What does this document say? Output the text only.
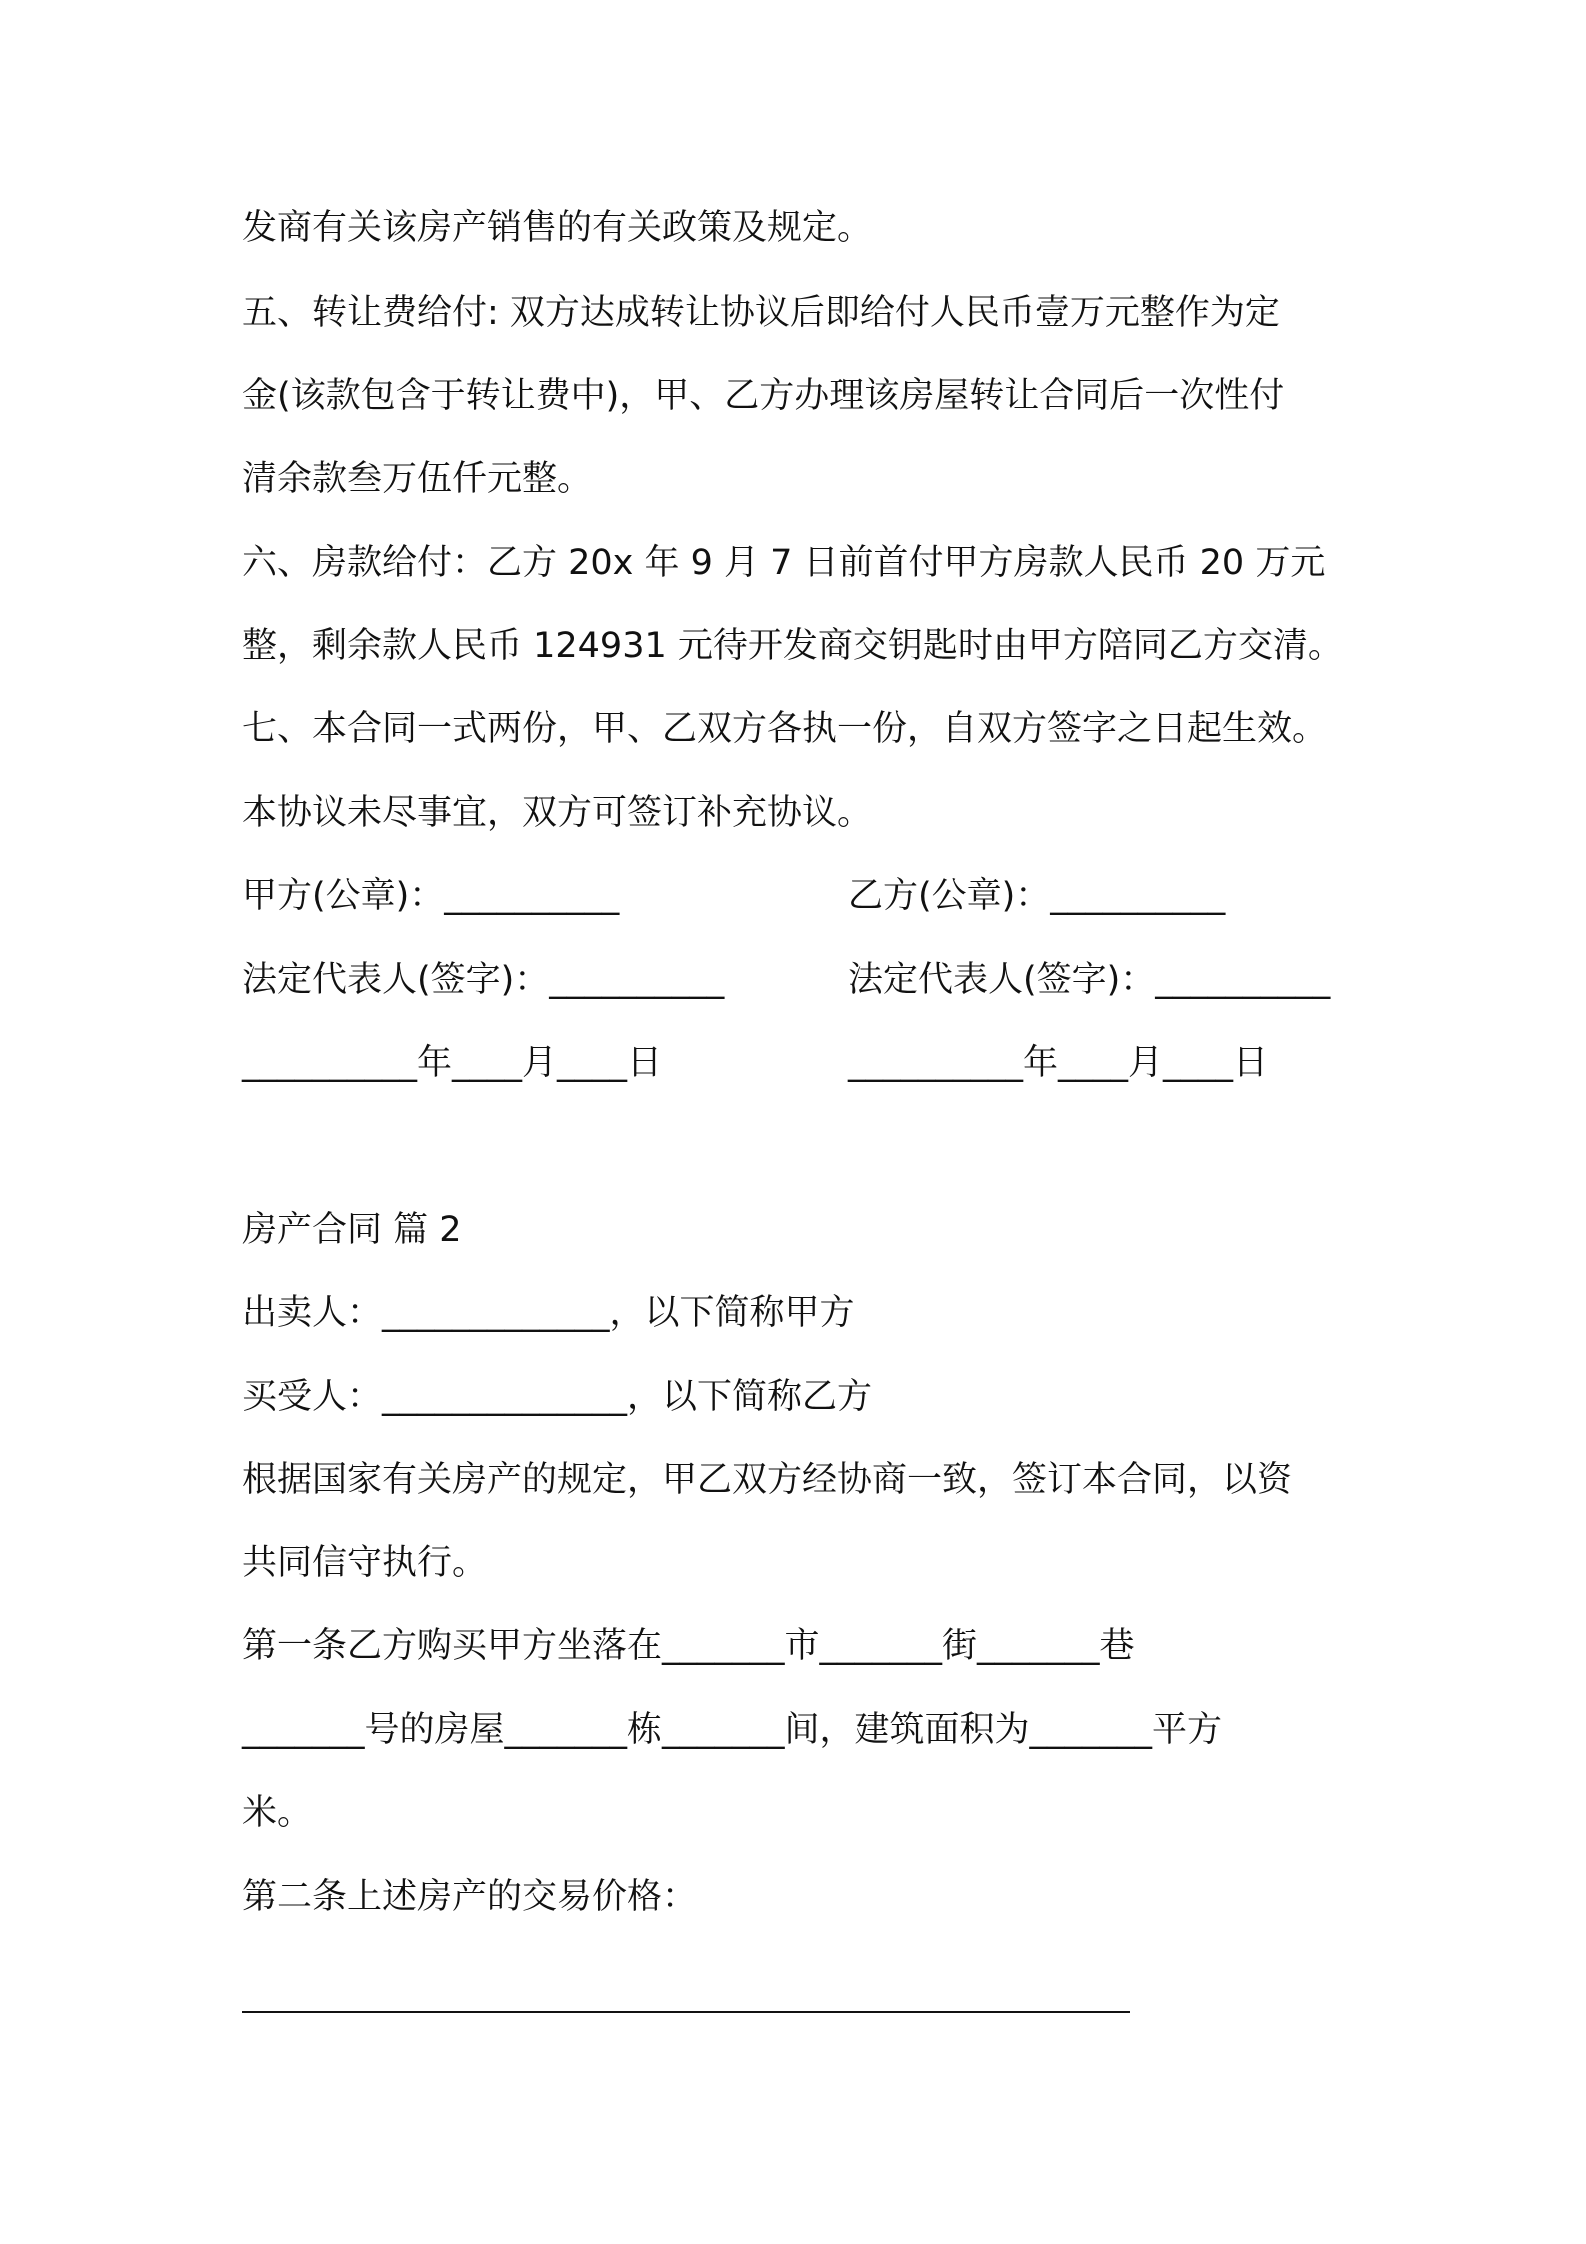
发商有关该房产销售的有关政策及规定。
五、转让费给付: 双方达成转让协议后即给付人民币壹万元整作为定
金(该款包含于转让费中)，甲、乙方办理该房屋转让合同后一次性付
清余款叁万伍仟元整。
六、房款给付：乙方 20x 年 9 月 7 日前首付甲方房款人民币 20 万元
整，剩余款人民币 124931 元待开发商交钥匙时由甲方陪同乙方交清。
七、本合同一式两份，甲、乙双方各执一份，自双方签字之日起生效。
本协议未尽事宜，双方可签订补充协议。
甲方(公章)：__________	乙方(公章)：__________
法定代表人(签字)：__________	法定代表人(签字)：__________
__________年____月____日	__________年____月____日
房产合同 篇 2
出卖人：_____________，以下简称甲方
买受人：______________，以下简称乙方
根据国家有关房产的规定，甲乙双方经协商一致，签订本合同，以资
共同信守执行。
第一条乙方购买甲方坐落在_______市_______街_______巷
_______号的房屋_______栋_______间，建筑面积为_______平方
米。
第二条上述房产的交易价格：
